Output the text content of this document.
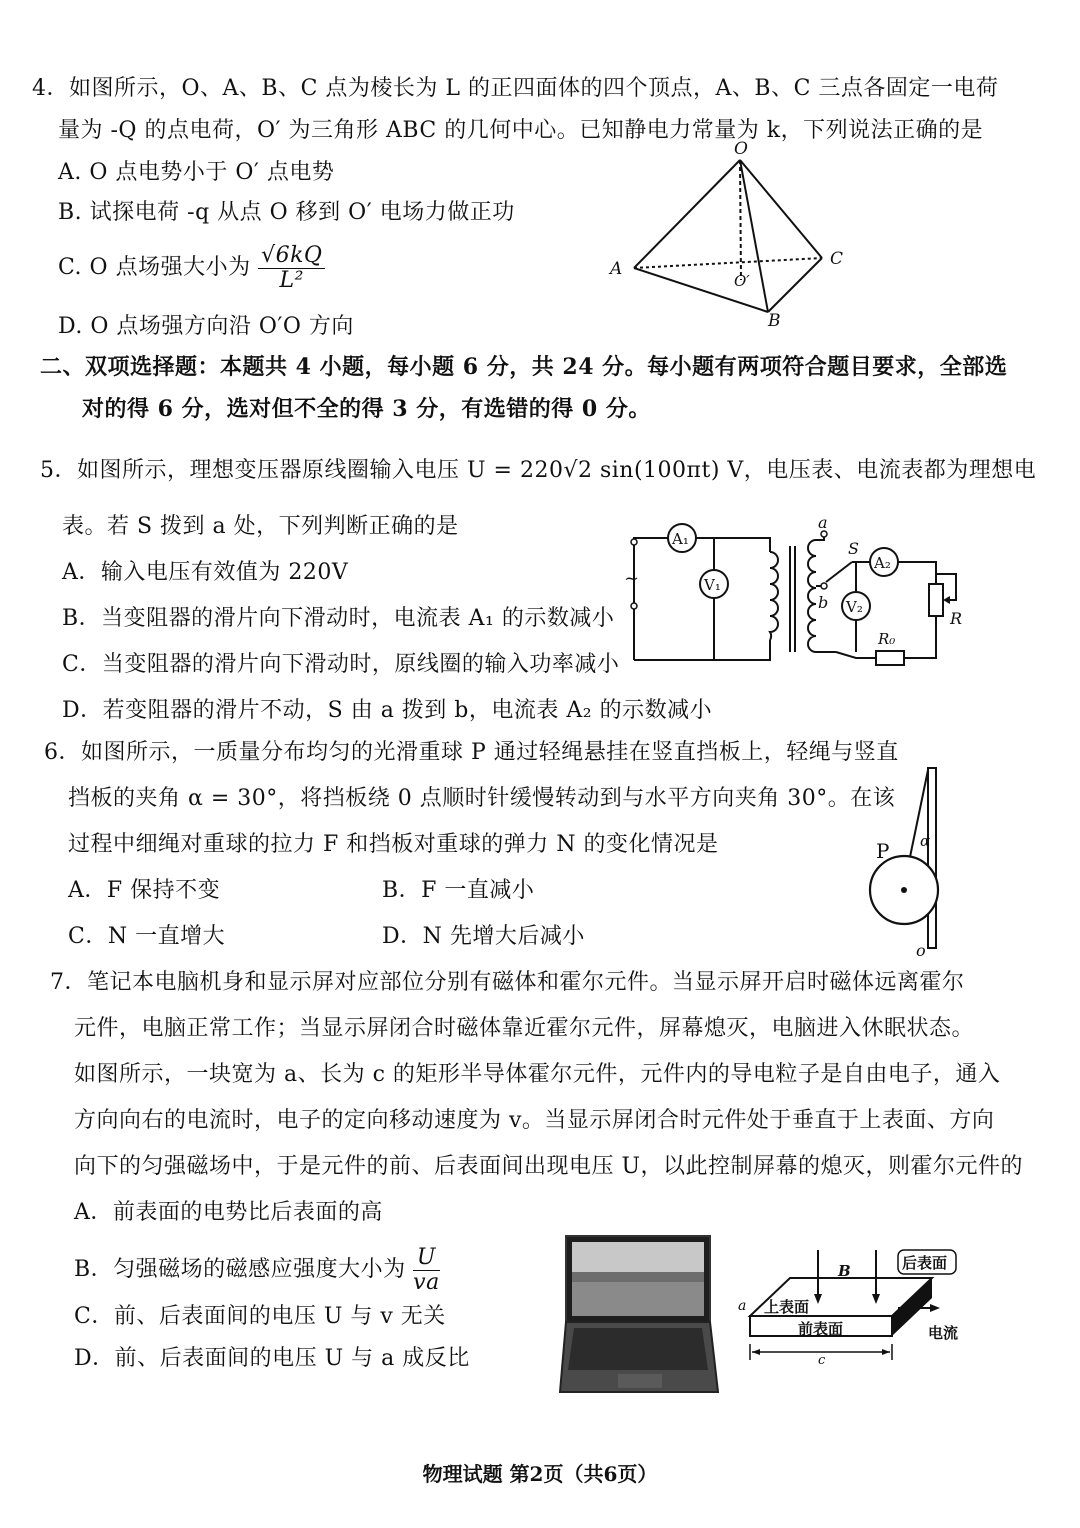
4．如图所示，O、A、B、C 点为棱长为 L 的正四面体的四个顶点，A、B、C 三点各固定一电荷
量为 -Q 的点电荷，O′ 为三角形 ABC 的几何中心。已知静电力常量为 k，下列说法正确的是
A. O 点电势小于 O′ 点电势
B. 试探电荷 -q 从点 O 移到 O′ 电场力做正功
C. O 点场强大小为 $\frac{√6kQ}{\text{L²}}$
D. O 点场强方向沿 O′O 方向
O
A	C
B
O′
二、双项选择题：本题共 4 小题，每小题 6 分，共 24 分。每小题有两项符合题目要求，全部选
对的得 6 分，选对但不全的得 3 分，有选错的得 0 分。
5．如图所示，理想变压器原线圈输入电压 U = 220√2 sin(100πt) V，电压表、电流表都为理想电
表。若 S 拨到 a 处，下列判断正确的是
A．输入电压有效值为 220V
B．当变阻器的滑片向下滑动时，电流表 A₁ 的示数减小
C．当变阻器的滑片向下滑动时，原线圈的输入功率减小
D．若变阻器的滑片不动，S 由 a 拨到 b，电流表 A₂ 的示数减小
~
A₁
V₁
a
b
S
A₂
V₂
R
R₀
6．如图所示，一质量分布均匀的光滑重球 P 通过轻绳悬挂在竖直挡板上，轻绳与竖直
挡板的夹角 α = 30°，将挡板绕 0 点顺时针缓慢转动到与水平方向夹角 30°。在该
过程中细绳对重球的拉力 F 和挡板对重球的弹力 N 的变化情况是
A．F 保持不变	B．F 一直减小
C．N 一直增大	D．N 先增大后减小
P α
o
7．笔记本电脑机身和显示屏对应部位分别有磁体和霍尔元件。当显示屏开启时磁体远离霍尔
元件，电脑正常工作；当显示屏闭合时磁体靠近霍尔元件，屏幕熄灭，电脑进入休眠状态。
如图所示，一块宽为 a、长为 c 的矩形半导体霍尔元件，元件内的导电粒子是自由电子，通入
方向向右的电流时，电子的定向移动速度为 v。当显示屏闭合时元件处于垂直于上表面、方向
向下的匀强磁场中，于是元件的前、后表面间出现电压 U，以此控制屏幕的熄灭，则霍尔元件的
A．前表面的电势比后表面的高
B．匀强磁场的磁感应强度大小为 $\frac{U}{va}$
C．前、后表面间的电压 U 与 v 无关
D．前、后表面间的电压 U 与 a 成反比
B	后表面
上表面
前表面	电流
a
c
物理试题 第2页（共6页）
